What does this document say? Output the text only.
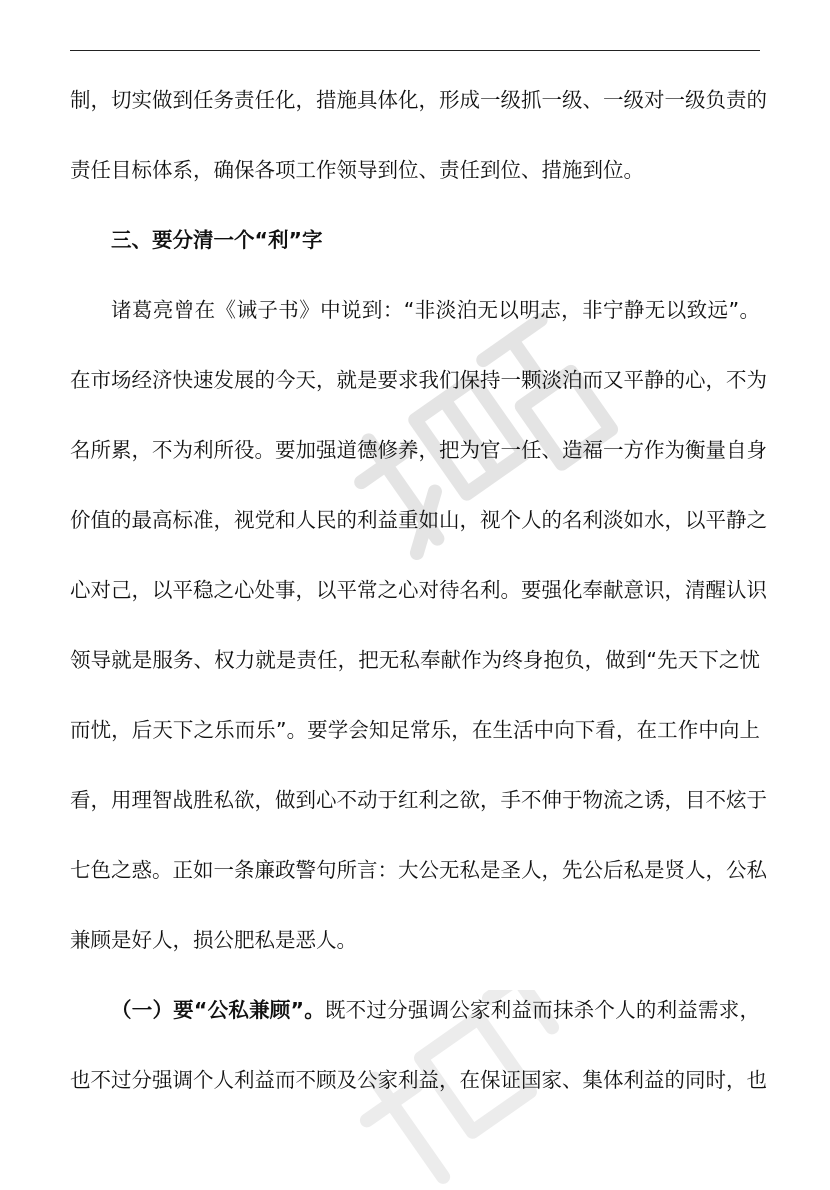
制，切实做到任务责任化，措施具体化，形成一级抓一级、一级对一级负责的
责任目标体系，确保各项工作领导到位、责任到位、措施到位。
三、要分清一个“利”字
诸葛亮曾在《诫子书》中说到：“非淡泊无以明志，非宁静无以致远”。
在市场经济快速发展的今天，就是要求我们保持一颗淡泊而又平静的心，不为
名所累，不为利所役。要加强道德修养，把为官一任、造福一方作为衡量自身
价值的最高标准，视党和人民的利益重如山，视个人的名利淡如水，以平静之
心对己，以平稳之心处事，以平常之心对待名利。要强化奉献意识，清醒认识
领导就是服务、权力就是责任，把无私奉献作为终身抱负，做到“先天下之忧
而忧，后天下之乐而乐”。要学会知足常乐，在生活中向下看，在工作中向上
看，用理智战胜私欲，做到心不动于红利之欲，手不伸于物流之诱，目不炫于
七色之惑。正如一条廉政警句所言：大公无私是圣人，先公后私是贤人，公私
兼顾是好人，损公肥私是恶人。
（一）要“公私兼顾”。既不过分强调公家利益而抹杀个人的利益需求，
也不过分强调个人利益而不顾及公家利益，在保证国家、集体利益的同时，也
